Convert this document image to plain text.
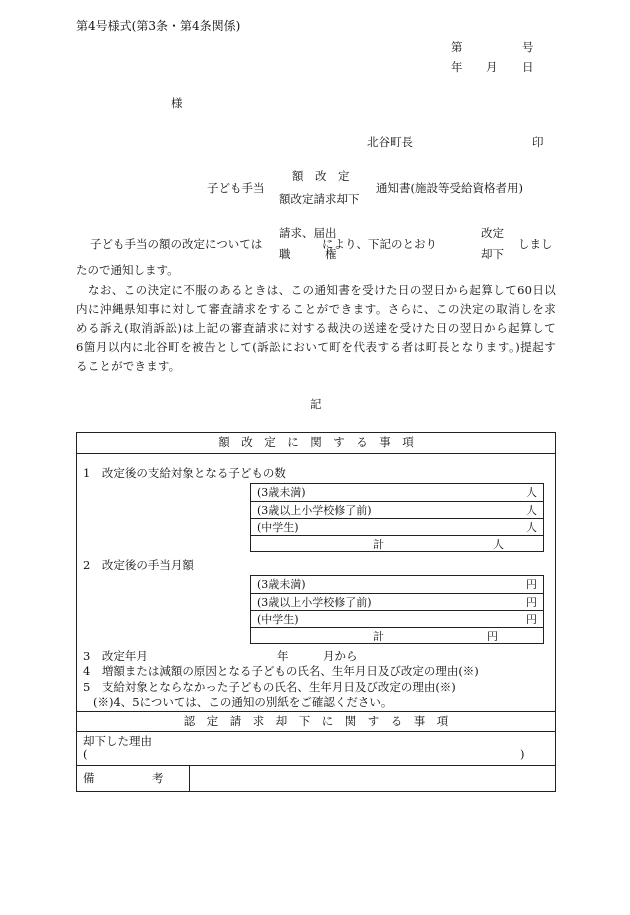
第4号様式(第3条・第4条関係)
第	号
年 月 日
様
北谷町長	印
子ども手当
額　改　定
額改定請求却下
通知書(施設等受給資格者用)
子ども手当の額の改定については
請求、届出
職　　　権
により、下記のとおり
改定
却下
しまし
たので通知します。
なお、この決定に不服のあるときは、この通知書を受けた日の翌日から起算して60日以
内に沖縄県知事に対して審査請求をすることができます。さらに、この決定の取消しを求
める訴え(取消訴訟)は上記の審査請求に対する裁決の送達を受けた日の翌日から起算して
6箇月以内に北谷町を被告として(訴訟において町を代表する者は町長となります。)提起す
ることができます。
記
額　改　定　に　関　す　る　事　項
1　改定後の支給対象となる子どもの数
(3歳未満)	人
(3歳以上小学校修了前)	人
(中学生)	人
計	人
2　改定後の手当月額
(3歳未満)	円
(3歳以上小学校修了前)	円
(中学生)	円
計	円
3　改定年月	年	月から
4　増額または減額の原因となる子どもの氏名、生年月日及び改定の理由(※)
5　支給対象とならなかった子どもの氏名、生年月日及び改定の理由(※)
(※)4、5については、この通知の別紙をご確認ください。
認　定　請　求　却　下　に　関　す　る　事　項
却下した理由
(	)
備　　　　　考
